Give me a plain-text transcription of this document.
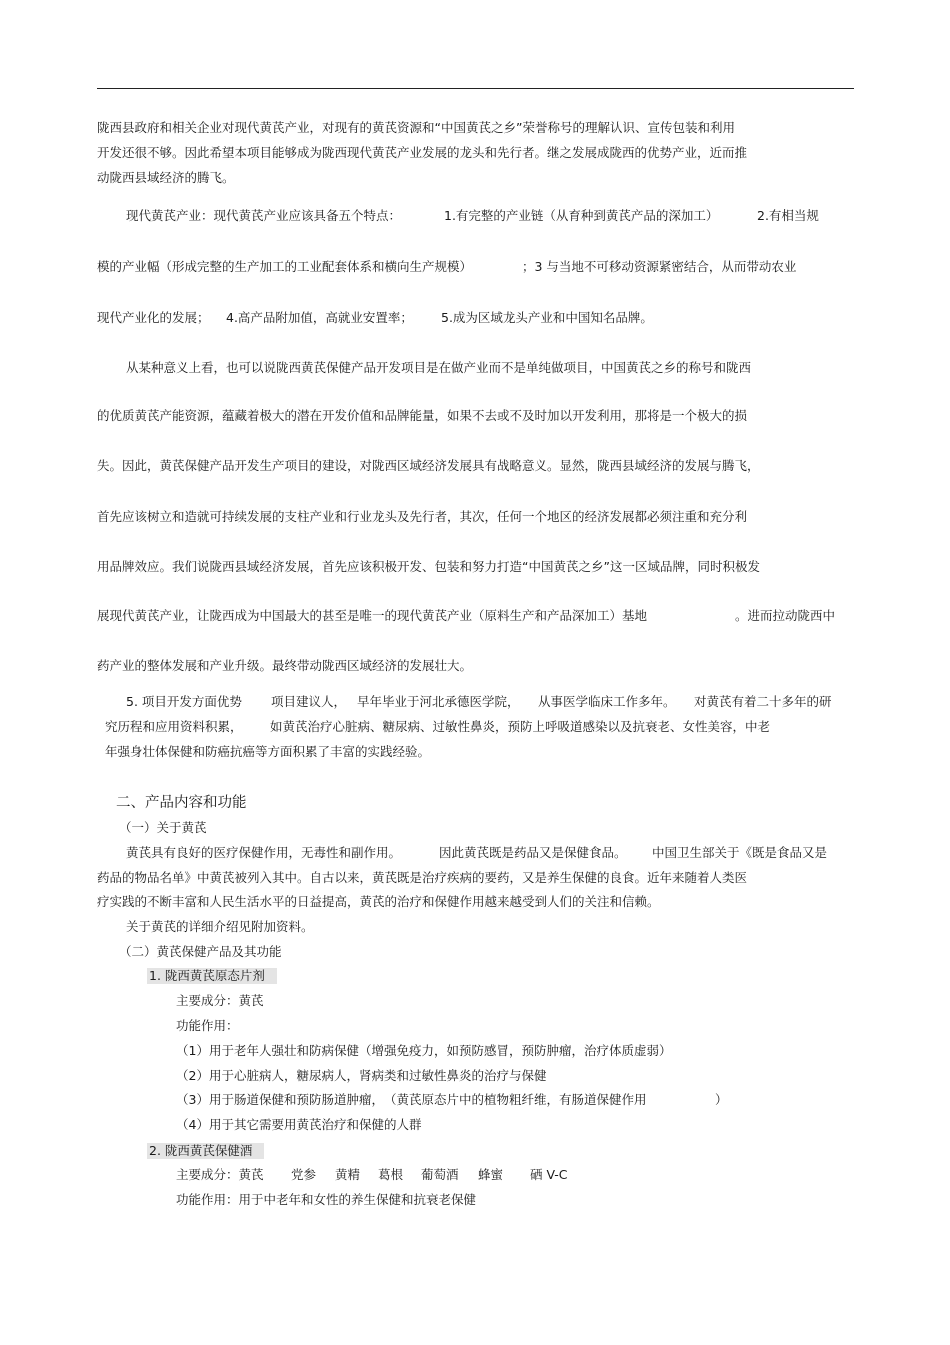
陇西县政府和相关企业对现代黄芪产业，对现有的黄芪资源和“中国黄芪之乡”荣誉称号的理解认识、宣传包装和利用
开发还很不够。因此希望本项目能够成为陇西现代黄芪产业发展的龙头和先行者。继之发展成陇西的优势产业，近而推
动陇西县域经济的腾飞。
现代黄芪产业：现代黄芪产业应该具备五个特点：	1.有完整的产业链（从育种到黄芪产品的深加工）	2.有相当规
模的产业幅（形成完整的生产加工的工业配套体系和横向生产规模）	；3 与当地不可移动资源紧密结合，从而带动农业
现代产业化的发展； 4.高产品附加值，高就业安置率； 5.成为区域龙头产业和中国知名品牌。
从某种意义上看，也可以说陇西黄芪保健产品开发项目是在做产业而不是单纯做项目，中国黄芪之乡的称号和陇西
的优质黄芪产能资源，蕴藏着极大的潜在开发价值和品牌能量，如果不去或不及时加以开发利用，那将是一个极大的损
失。因此，黄芪保健产品开发生产项目的建设，对陇西区域经济发展具有战略意义。显然，陇西县域经济的发展与腾飞，
首先应该树立和造就可持续发展的支柱产业和行业龙头及先行者，其次，任何一个地区的经济发展都必须注重和充分利
用品牌效应。我们说陇西县域经济发展，首先应该积极开发、包装和努力打造“中国黄芪之乡”这一区域品牌，同时积极发
展现代黄芪产业，让陇西成为中国最大的甚至是唯一的现代黄芪产业（原料生产和产品深加工）基地	。进而拉动陇西中
药产业的整体发展和产业升级。最终带动陇西区域经济的发展壮大。
5. 项目开发方面优势 项目建议人， 早年毕业于河北承德医学院， 从事医学临床工作多年。 对黄芪有着二十多年的研
究历程和应用资料积累， 如黄芪治疗心脏病、糖尿病、过敏性鼻炎，预防上呼吸道感染以及抗衰老、女性美容，中老
年强身壮体保健和防癌抗癌等方面积累了丰富的实践经验。
二、产品内容和功能
（一）关于黄芪
黄芪具有良好的医疗保健作用，无毒性和副作用。	因此黄芪既是药品又是保健食品。 中国卫生部关于《既是食品又是
药品的物品名单》中黄芪被列入其中。自古以来，黄芪既是治疗疾病的要药，又是养生保健的良食。近年来随着人类医
疗实践的不断丰富和人民生活水平的日益提高，黄芪的治疗和保健作用越来越受到人们的关注和信赖。
关于黄芪的详细介绍见附加资料。
（二）黄芪保健产品及其功能
1. 陇西黄芪原态片剂
主要成分：黄芪
功能作用：
（1）用于老年人强壮和防病保健（增强免疫力，如预防感冒，预防肿瘤，治疗体质虚弱）
（2）用于心脏病人，糖尿病人，肾病类和过敏性鼻炎的治疗与保健
（3）用于肠道保健和预防肠道肿瘤， （黄芪原态片中的植物粗纤维，有肠道保健作用	）
（4）用于其它需要用黄芪治疗和保健的人群
2. 陇西黄芪保健酒
主要成分：黄芪 党参 黄精 葛根 葡萄酒 蜂蜜 硒 V-C
功能作用：用于中老年和女性的养生保健和抗衰老保健
